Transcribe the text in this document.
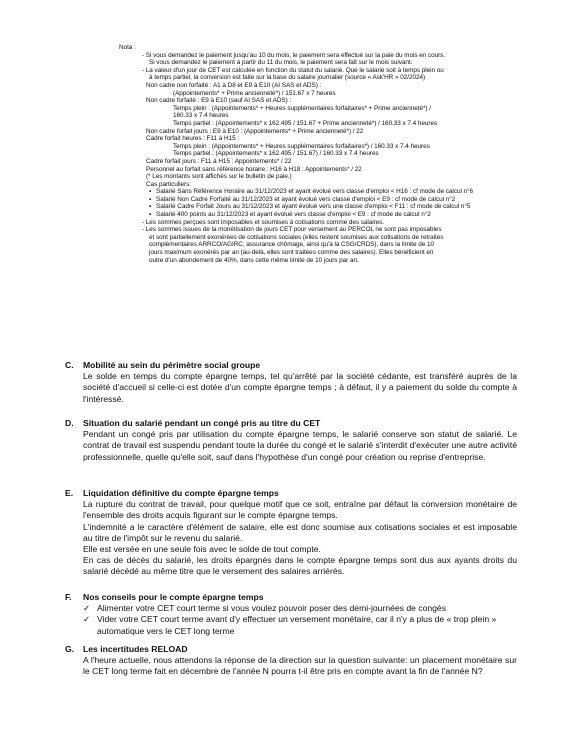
Nota :
- Si vous demandez le paiement jusqu'au 10 du mois, le paiement sera effectué sur la paie du mois en cours.
Si vous demandez le paiement à partir du 11 du mois, le paiement sera fait sur le mois suivant.
- La valeur d'un jour de CET est calculée en fonction du statut du salarié. Que le salarié soit à temps plein ou
à temps partiel, la conversion est faite sur la base du salaire journalier (source « Ask'HR » 02/2024)
Non cadre non forfaité : A1 à D8 et E9 à E10 (AI SAS et ADS) :
(Appointements* + Prime ancienneté*) / 151.67 x 7 heures
Non cadre forfaité : E9 à E10 (sauf AI SAS et ADS) :
Temps plein : (Appointements* + Heures supplémentaires forfaitaires* + Prime ancienneté*) /
160.33 x 7.4 heures
Temps partiel : (Appointements* x 162.495 / 151.67 + Prime ancienneté*) / 160.33 x 7.4 heures
Non cadre forfait jours : E9 à E10 : (Appointements* + Prime ancienneté*) / 22
Cadre forfait heures : F11 à H15 :
Temps plein : (Appointements* + Heures supplémentaires forfaitaires*) / 160.33 x 7.4 heures
Temps partiel : (Appointements* x 162.495 / 151.67) / 160.33 x 7.4 heures
Cadre forfait jours : F11 à H15 : Appointements* / 22
Personnel au forfait sans référence horaire : H16 à H18 : Appointements* / 22
(* Les montants sont affichés sur le bulletin de paie.)
Cas particuliers:
▪ Salarié Sans Référence Horaire au 31/12/2023 et ayant évolué vers classe d'emploi < H16 : cf mode de calcul n°6
▪ Salarié Non Cadre Forfaité au 31/12/2023 et ayant évolué vers classe d'emploi < E9 : cf mode de calcul n°2
▪ Salarié Cadre Forfait Jours au 31/12/2023 et ayant évolué vers une classe d'emploi < F11 : cf mode de calcul n°5
▪ Salarié 400 points au 31/12/2023 et ayant évolué vers classe d'emploi < E9 : cf mode de calcul n°2
- Les sommes perçues sont imposables et soumises à cotisations comme des salaires.
- Les sommes issues de la monétisation de jours CET pour versement au PERCOL ne sont pas imposables
et sont partiellement exonérées de cotisations sociales (elles restent soumises aux cotisations de retraites
complémentaires ARRCO/AGIRC, assurance chômage, ainsi qu'à la CSG/CRDS), dans la limite de 10
jours maximum exonérés par an (au-delà, elles sont traitées comme des salaires). Elles bénéficient en
outre d'un abondement de 40%, dans cette même limite de 10 jours par an.
C.	Mobilité au sein du périmètre social groupe
Le solde en temps du compte épargne temps, tel qu'arrêté par la société cédante, est transféré auprès de la société d'accueil si celle-ci est dotée d'un compte épargne temps ; à défaut, il y a paiement du solde du compte à l'intéressé.
D.	Situation du salarié pendant un congé pris au titre du CET
Pendant un congé pris par utilisation du compte épargne temps, le salarié conserve son statut de salarié. Le contrat de travail est suspendu pendant toute la durée du congé et le salarié s'interdit d'exécuter une autre activité professionnelle, quelle qu'elle soit, sauf dans l'hypothèse d'un congé pour création ou reprise d'entreprise.
E.	Liquidation définitive du compte épargne temps

La rupture du contrat de travail, pour quelque motif que ce soit, entraîne par défaut la conversion monétaire de l'ensemble des droits acquis figurant sur le compte épargne temps.

L'indemnité a le caractère d'élément de salaire, elle est donc soumise aux cotisations sociales et est imposable au titre de l'impôt sur le revenu du salarié.

Elle est versée en une seule fois avec le solde de tout compte.

En cas de décès du salarié, les droits épargnés dans le compte épargne temps sont dus aux ayants droits du salarié décédé au même titre que le versement des salaires arriérés.

F.	Nos conseils pour le compte épargne temps
✓ Alimenter votre CET court terme si vous voulez pouvoir poser des demi-journées de congés
✓ Vider votre CET court terme avant d'y effectuer un versement monétaire, car il n'y a plus de « trop plein » automatique vers le CET long terme
G.	Les incertitudes RELOAD
A l'heure actuelle, nous attendons la réponse de la direction sur la question suivante: un placement monétaire sur le CET long terme fait en décembre de l'année N pourra t-il être pris en compte avant la fin de l'année N?
